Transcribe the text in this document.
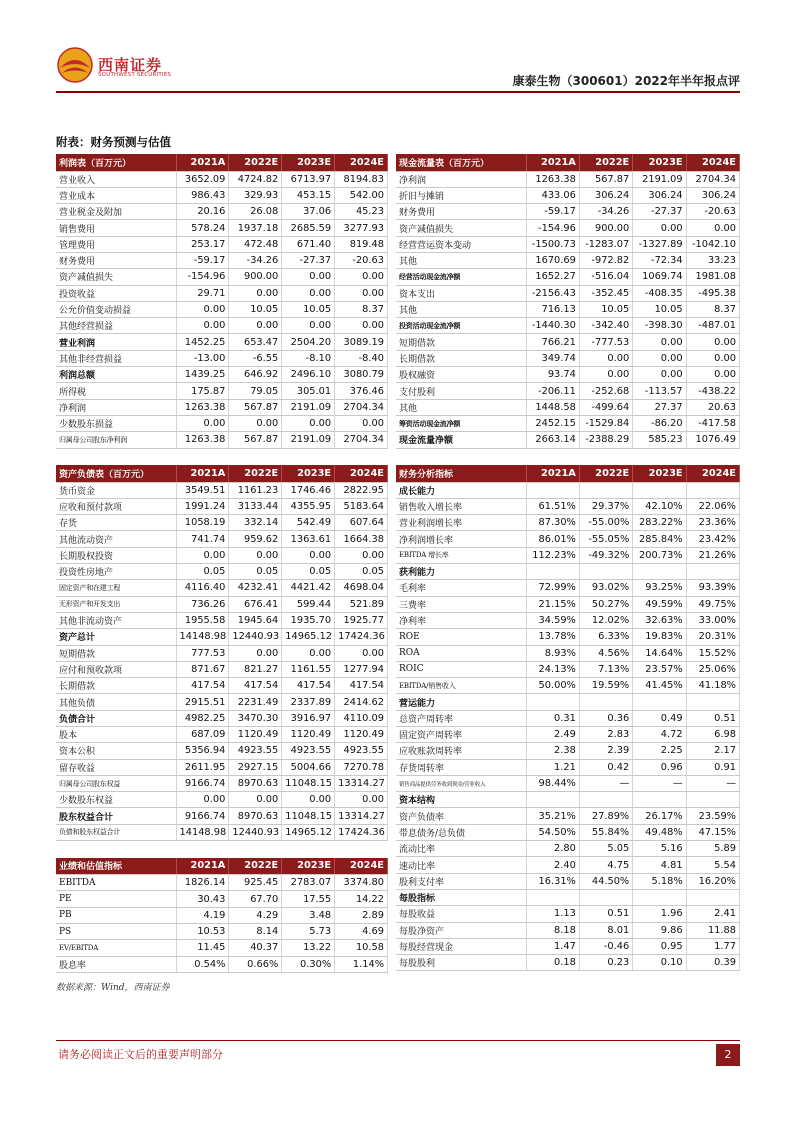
西南证券
SOUTHWEST SECURITIES	康泰生物（300601）2022年半年报点评
附表：财务预测与估值
利润表（百万元）	2021A	2022E	2023E	2024E
营业收入	3652.09	4724.82	6713.97	8194.83
营业成本	986.43	329.93	453.15	542.00
营业税金及附加	20.16	26.08	37.06	45.23
销售费用	578.24	1937.18	2685.59	3277.93
管理费用	253.17	472.48	671.40	819.48
财务费用	-59.17	-34.26	-27.37	-20.63
资产减值损失	-154.96	900.00	0.00	0.00
投资收益	29.71	0.00	0.00	0.00
公允价值变动损益	0.00	10.05	10.05	8.37
其他经营损益	0.00	0.00	0.00	0.00
营业利润	1452.25	653.47	2504.20	3089.19
其他非经营损益	-13.00	-6.55	-8.10	-8.40
利润总额	1439.25	646.92	2496.10	3080.79
所得税	175.87	79.05	305.01	376.46
净利润	1263.38	567.87	2191.09	2704.34
少数股东损益	0.00	0.00	0.00	0.00
归属母公司股东净利润	1263.38	567.87	2191.09	2704.34

资产负债表（百万元）	2021A	2022E	2023E	2024E
货币资金	3549.51	1161.23	1746.46	2822.95
应收和预付款项	1991.24	3133.44	4355.95	5183.64
存货	1058.19	332.14	542.49	607.64
其他流动资产	741.74	959.62	1363.61	1664.38
长期股权投资	0.00	0.00	0.00	0.00
投资性房地产	0.05	0.05	0.05	0.05
固定资产和在建工程	4116.40	4232.41	4421.42	4698.04
无形资产和开发支出	736.26	676.41	599.44	521.89
其他非流动资产	1955.58	1945.64	1935.70	1925.77
资产总计	14148.98	12440.93	14965.12	17424.36
短期借款	777.53	0.00	0.00	0.00
应付和预收款项	871.67	821.27	1161.55	1277.94
长期借款	417.54	417.54	417.54	417.54
其他负债	2915.51	2231.49	2337.89	2414.62
负债合计	4982.25	3470.30	3916.97	4110.09
股本	687.09	1120.49	1120.49	1120.49
资本公积	5356.94	4923.55	4923.55	4923.55
留存收益	2611.95	2927.15	5004.66	7270.78
归属母公司股东权益	9166.74	8970.63	11048.15	13314.27
少数股东权益	0.00	0.00	0.00	0.00
股东权益合计	9166.74	8970.63	11048.15	13314.27
负债和股东权益合计	14148.98	12440.93	14965.12	17424.36

业绩和估值指标	2021A	2022E	2023E	2024E
EBITDA	1826.14	925.45	2783.07	3374.80
PE	30.43	67.70	17.55	14.22
PB	4.19	4.29	3.48	2.89
PS	10.53	8.14	5.73	4.69
EV/EBITDA	11.45	40.37	13.22	10.58
股息率	0.54%	0.66%	0.30%	1.14%
现金流量表（百万元）	2021A	2022E	2023E	2024E
净利润	1263.38	567.87	2191.09	2704.34
折旧与摊销	433.06	306.24	306.24	306.24
财务费用	-59.17	-34.26	-27.37	-20.63
资产减值损失	-154.96	900.00	0.00	0.00
经营营运资本变动	-1500.73	-1283.07	-1327.89	-1042.10
其他	1670.69	-972.82	-72.34	33.23
经营活动现金流净额	1652.27	-516.04	1069.74	1981.08
资本支出	-2156.43	-352.45	-408.35	-495.38
其他	716.13	10.05	10.05	8.37
投资活动现金流净额	-1440.30	-342.40	-398.30	-487.01
短期借款	766.21	-777.53	0.00	0.00
长期借款	349.74	0.00	0.00	0.00
股权融资	93.74	0.00	0.00	0.00
支付股利	-206.11	-252.68	-113.57	-438.22
其他	1448.58	-499.64	27.37	20.63
筹资活动现金流净额	2452.15	-1529.84	-86.20	-417.58
现金流量净额	2663.14	-2388.29	585.23	1076.49

财务分析指标	2021A	2022E	2023E	2024E
成长能力				
销售收入增长率	61.51%	29.37%	42.10%	22.06%
营业利润增长率	87.30%	-55.00%	283.22%	23.36%
净利润增长率	86.01%	-55.05%	285.84%	23.42%
EBITDA 增长率	112.23%	-49.32%	200.73%	21.26%
获利能力				
毛利率	72.99%	93.02%	93.25%	93.39%
三费率	21.15%	50.27%	49.59%	49.75%
净利率	34.59%	12.02%	32.63%	33.00%
ROE	13.78%	6.33%	19.83%	20.31%
ROA	8.93%	4.56%	14.64%	15.52%
ROIC	24.13%	7.13%	23.57%	25.06%
EBITDA/销售收入	50.00%	19.59%	41.45%	41.18%
营运能力				
总资产周转率	0.31	0.36	0.49	0.51
固定资产周转率	2.49	2.83	4.72	6.98
应收账款周转率	2.38	2.39	2.25	2.17
存货周转率	1.21	0.42	0.96	0.91
销售商品提供劳务收到现金/营业收入	98.44%	—	—	—
资本结构				
资产负债率	35.21%	27.89%	26.17%	23.59%
带息债务/总负债	54.50%	55.84%	49.48%	47.15%
流动比率	2.80	5.05	5.16	5.89
速动比率	2.40	4.75	4.81	5.54
股利支付率	16.31%	44.50%	5.18%	16.20%
每股指标				
每股收益	1.13	0.51	1.96	2.41
每股净资产	8.18	8.01	9.86	11.88
每股经营现金	1.47	-0.46	0.95	1.77
每股股利	0.18	0.23	0.10	0.39
数据来源：Wind，西南证券
请务必阅读正文后的重要声明部分	2
